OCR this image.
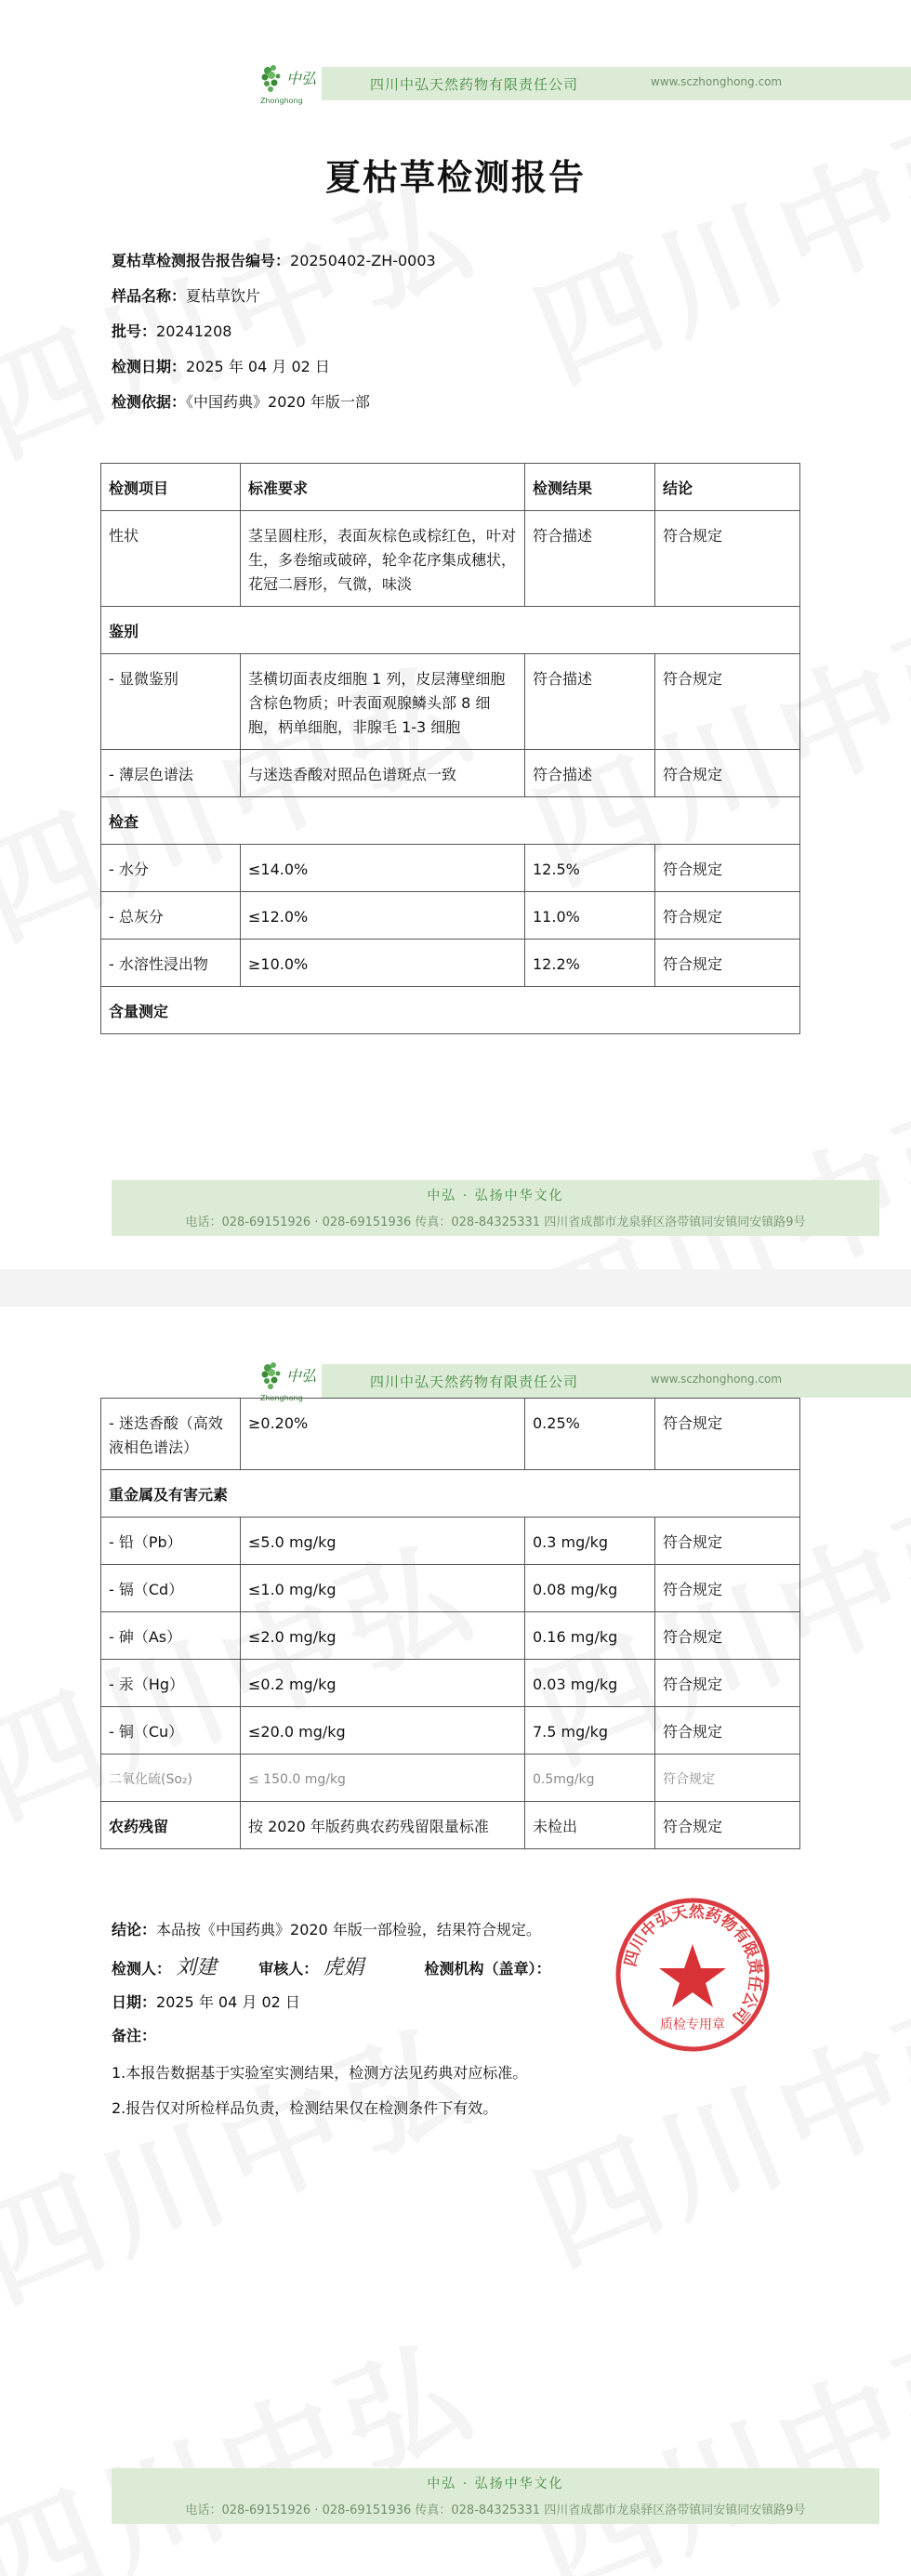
中弘
Zhonghong
四川中弘天然药物有限责任公司	www.sczhonghong.com
夏枯草检测报告
夏枯草检测报告报告编号：20250402-ZH-0003
样品名称：夏枯草饮片
批号：20241208
检测日期：2025 年 04 月 02 日
检测依据：《中国药典》2020 年版一部
检测项目	标准要求	检测结果	结论
性状	茎呈圆柱形，表面灰棕色或棕红色，叶对生，多卷缩或破碎，轮伞花序集成穗状，花冠二唇形，气微，味淡	符合描述	符合规定
鉴别			
- 显微鉴别	茎横切面表皮细胞 1 列，皮层薄壁细胞含棕色物质；叶表面观腺鳞头部 8 细胞，柄单细胞，非腺毛 1-3 细胞	符合描述	符合规定
- 薄层色谱法	与迷迭香酸对照品色谱斑点一致	符合描述	符合规定
检查			
- 水分	≤14.0%	12.5%	符合规定
- 总灰分	≤12.0%	11.0%	符合规定
- 水溶性浸出物	≥10.0%	12.2%	符合规定
含量测定			
中弘 · 弘扬中华文化
电话：028-69151926 · 028-69151936 传真：028-84325331 四川省成都市龙泉驿区洛带镇同安镇同安镇路9号
中弘
Zhonghong
四川中弘天然药物有限责任公司	www.sczhonghong.com
- 迷迭香酸（高效液相色谱法）	≥0.20%	0.25%	符合规定
重金属及有害元素			
- 铅（Pb）	≤5.0 mg/kg	0.3 mg/kg	符合规定
- 镉（Cd）	≤1.0 mg/kg	0.08 mg/kg	符合规定
- 砷（As）	≤2.0 mg/kg	0.16 mg/kg	符合规定
- 汞（Hg）	≤0.2 mg/kg	0.03 mg/kg	符合规定
- 铜（Cu）	≤20.0 mg/kg	7.5 mg/kg	符合规定
二氧化硫(So₂)	≤ 150.0 mg/kg	0.5mg/kg	符合规定
农药残留	按 2020 年版药典农药残留限量标准	未检出	符合规定
结论：本品按《中国药典》2020 年版一部检验，结果符合规定。
检测人： 刘建	审核人： 虎娟	检测机构（盖章）：
日期：2025 年 04 月 02 日
备注：
1.本报告数据基于实验室实测结果，检测方法见药典对应标准。
2.报告仅对所检样品负责，检测结果仅在检测条件下有效。
中弘 · 弘扬中华文化
电话：028-69151926 · 028-69151936 传真：028-84325331 四川省成都市龙泉驿区洛带镇同安镇同安镇路9号
四川中弘天然药物有限责任公司
质检专用章
